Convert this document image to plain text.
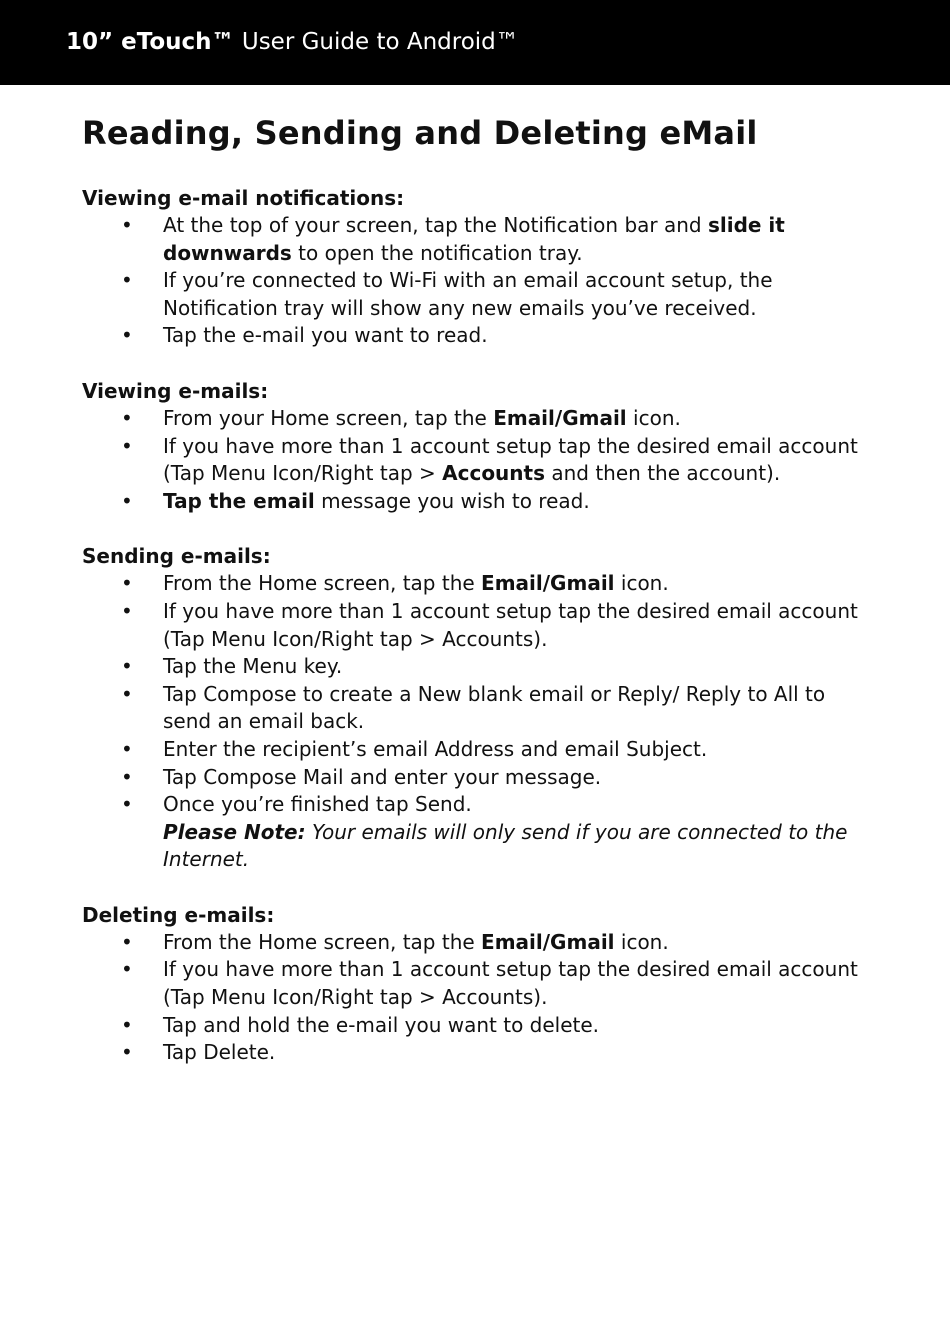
10” eTouch™ User Guide to Android™
Reading, Sending and Deleting eMail
Viewing e-mail notifications:
• At the top of your screen, tap the Notification bar and slide it downwards to open the notification tray.
• If you’re connected to Wi-Fi with an email account setup, the Notification tray will show any new emails you’ve received.
• Tap the e-mail you want to read.
Viewing e-mails:
• From your Home screen, tap the Email/Gmail icon.
• If you have more than 1 account setup tap the desired email account (Tap Menu Icon/Right tap > Accounts and then the account).
• Tap the email message you wish to read.
Sending e-mails:
• From the Home screen, tap the Email/Gmail icon.
• If you have more than 1 account setup tap the desired email account (Tap Menu Icon/Right tap > Accounts).
• Tap the Menu key.
• Tap Compose to create a New blank email or Reply/ Reply to All to send an email back.
• Enter the recipient’s email Address and email Subject.
• Tap Compose Mail and enter your message.
• Once you’re finished tap Send.
Please Note: Your emails will only send if you are connected to the Internet.
Deleting e-mails:
• From the Home screen, tap the Email/Gmail icon.
• If you have more than 1 account setup tap the desired email account (Tap Menu Icon/Right tap > Accounts).
• Tap and hold the e-mail you want to delete.
• Tap Delete.
